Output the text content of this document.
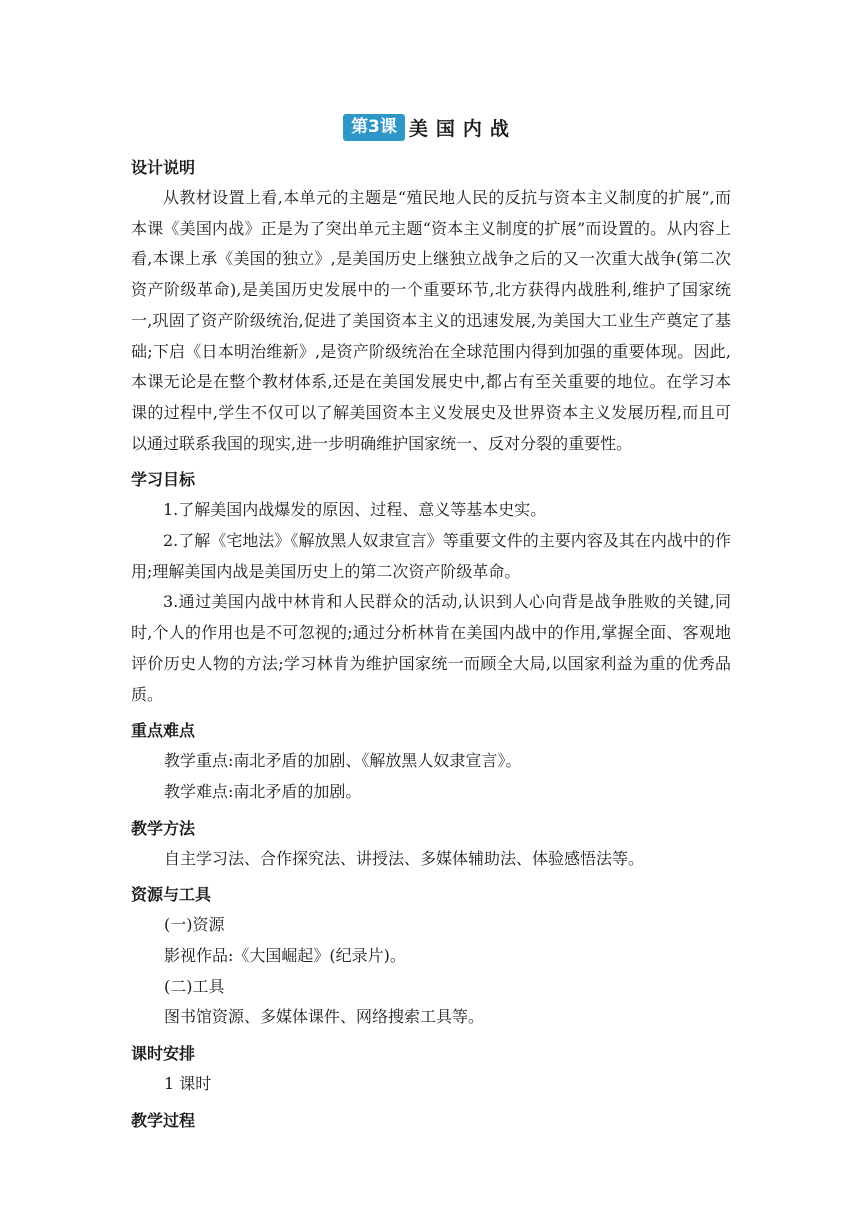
第3课 美国内战
设计说明

从教材设置上看,本单元的主题是“殖民地人民的反抗与资本主义制度的扩展”,而本课《美国内战》正是为了突出单元主题“资本主义制度的扩展”而设置的。从内容上看,本课上承《美国的独立》,是美国历史上继独立战争之后的又一次重大战争(第二次资产阶级革命),是美国历史发展中的一个重要环节,北方获得内战胜利,维护了国家统一,巩固了资产阶级统治,促进了美国资本主义的迅速发展,为美国大工业生产奠定了基础;下启《日本明治维新》,是资产阶级统治在全球范围内得到加强的重要体现。因此,本课无论是在整个教材体系,还是在美国发展史中,都占有至关重要的地位。在学习本课的过程中,学生不仅可以了解美国资本主义发展史及世界资本主义发展历程,而且可以通过联系我国的现实,进一步明确维护国家统一、反对分裂的重要性。

学习目标

1.了解美国内战爆发的原因、过程、意义等基本史实。

2.了解《宅地法》《解放黑人奴隶宣言》等重要文件的主要内容及其在内战中的作用;理解美国内战是美国历史上的第二次资产阶级革命。

3.通过美国内战中林肯和人民群众的活动,认识到人心向背是战争胜败的关键,同时,个人的作用也是不可忽视的;通过分析林肯在美国内战中的作用,掌握全面、客观地评价历史人物的方法;学习林肯为维护国家统一而顾全大局,以国家利益为重的优秀品质。

重点难点
教学重点:南北矛盾的加剧、《解放黑人奴隶宣言》。
教学难点:南北矛盾的加剧。
教学方法
自主学习法、合作探究法、讲授法、多媒体辅助法、体验感悟法等。
资源与工具
(一)资源
影视作品:《大国崛起》(纪录片)。
(二)工具
图书馆资源、多媒体课件、网络搜索工具等。
课时安排
1 课时
教学过程
